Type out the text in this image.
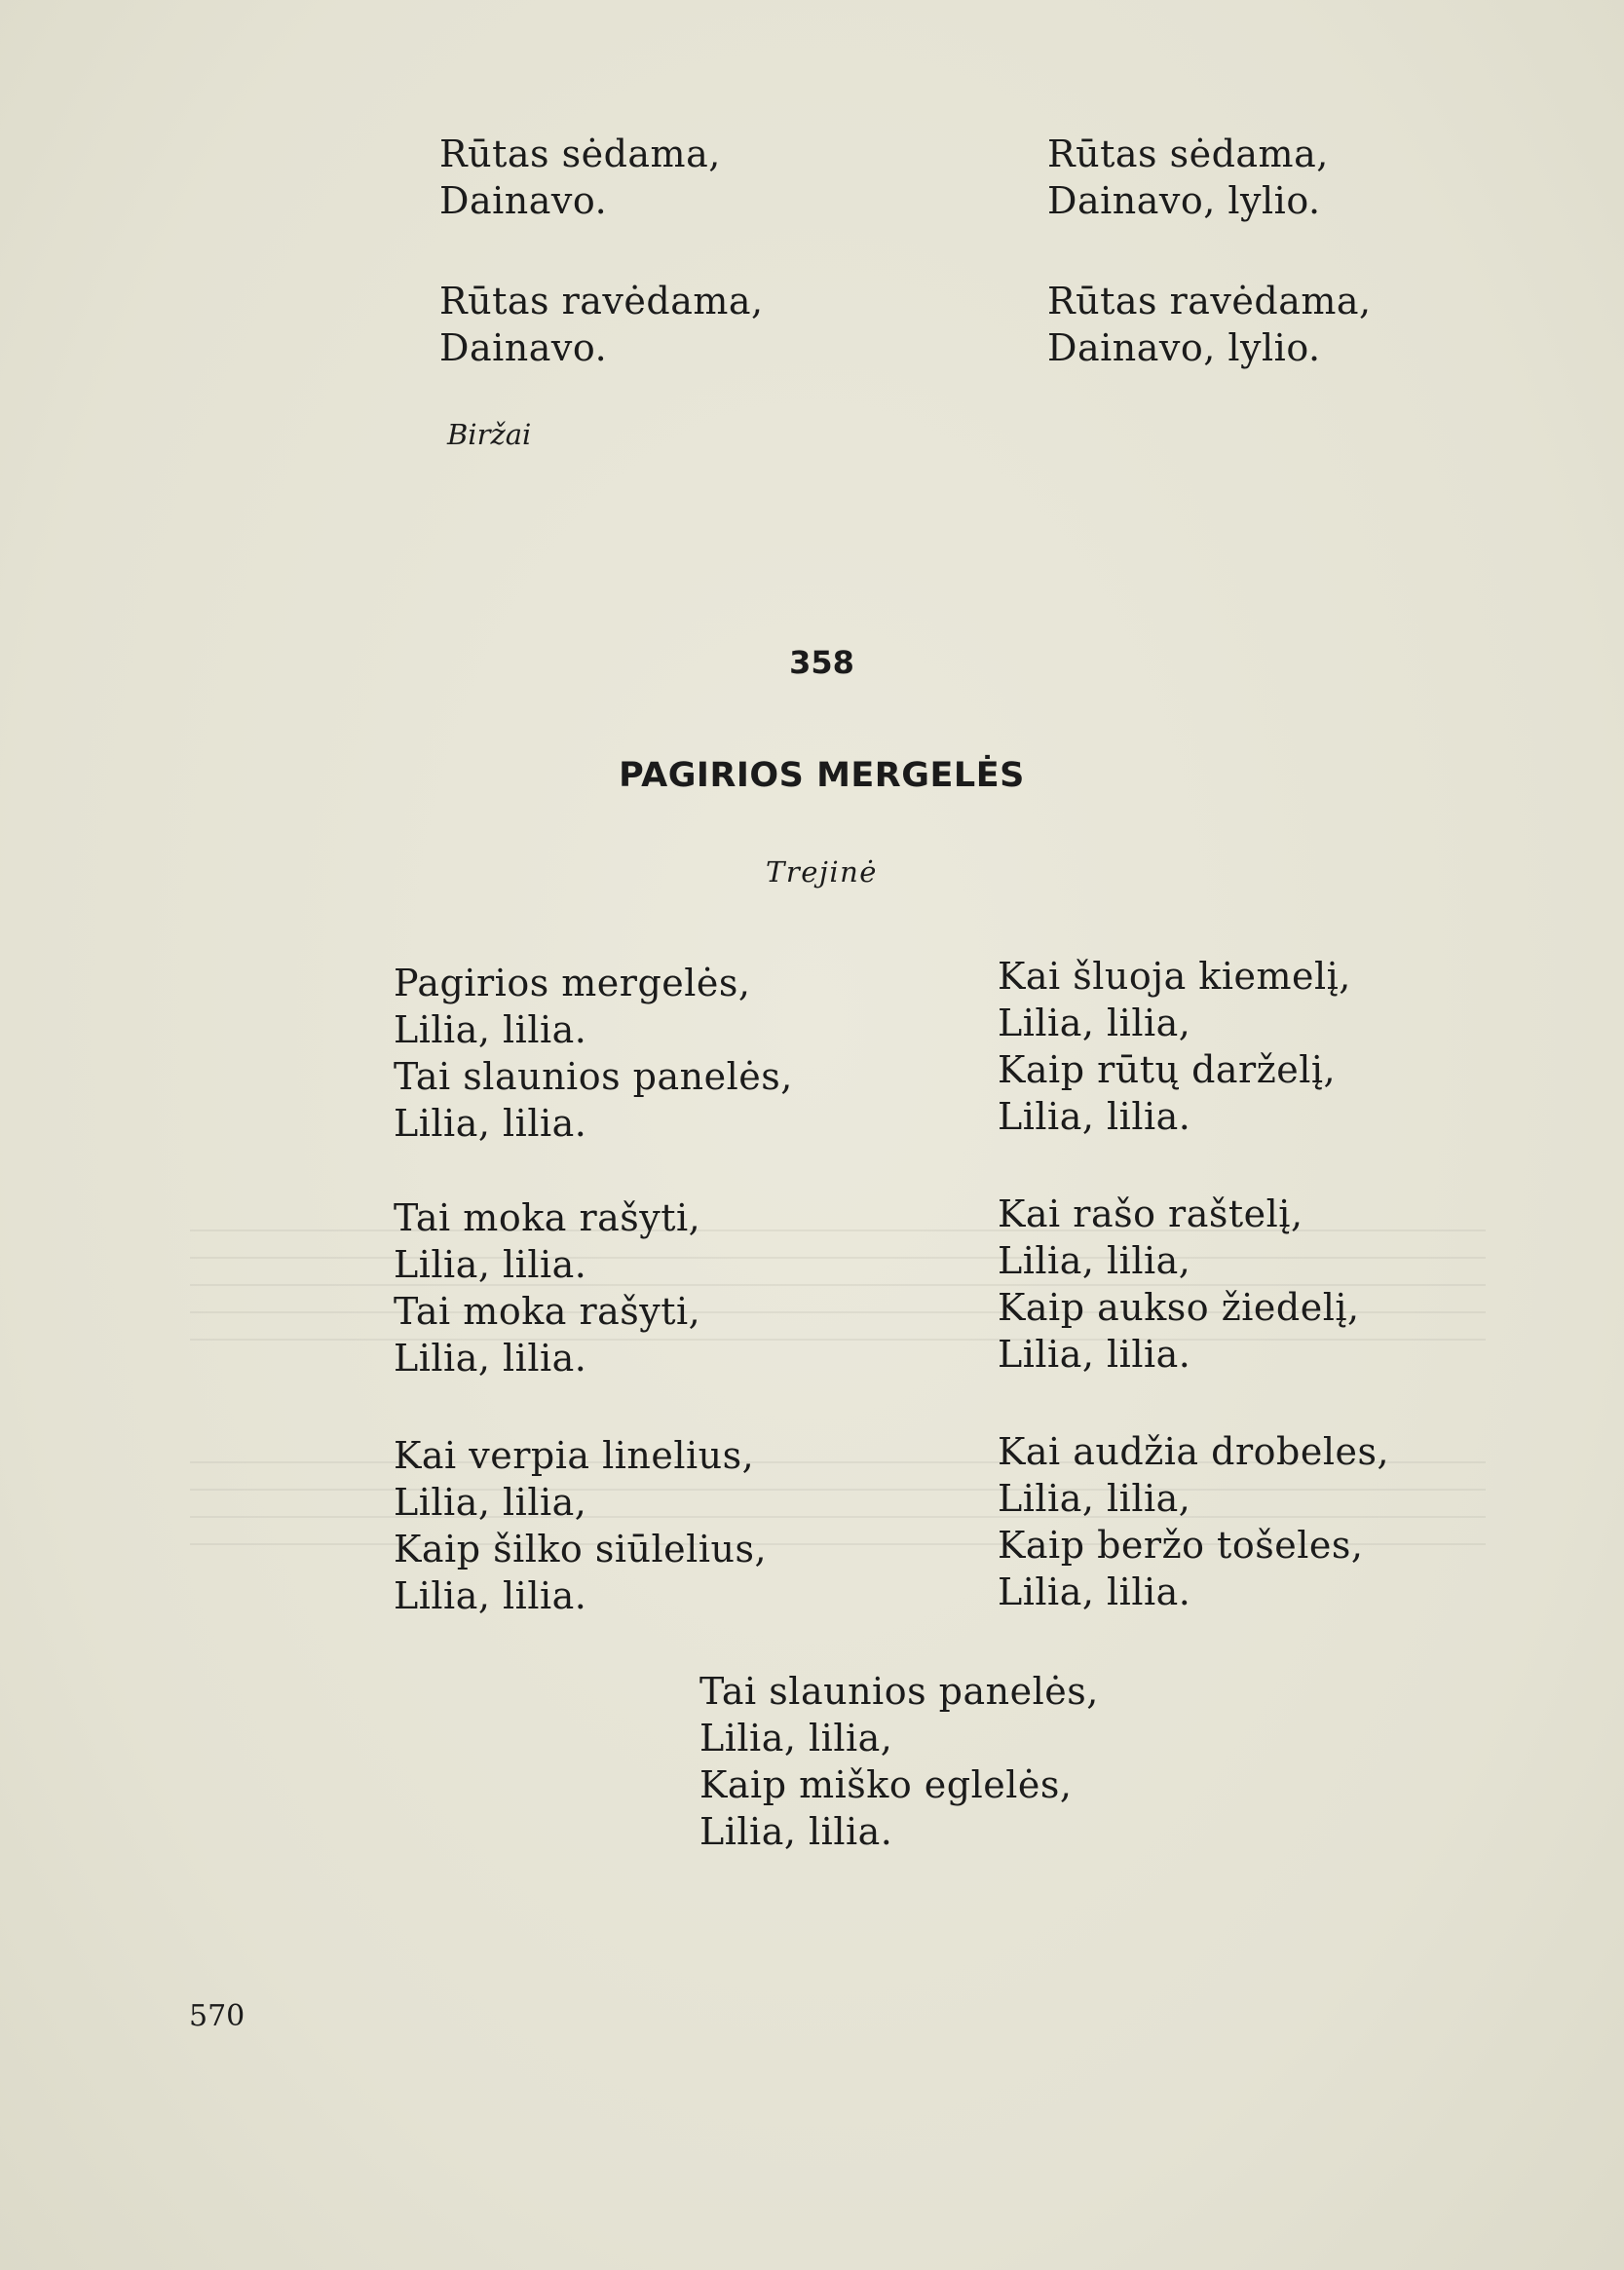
Rūtas sėdama,
Dainavo.
Rūtas ravėdama,
Dainavo.
Rūtas sėdama,
Dainavo, lylio.
Rūtas ravėdama,
Dainavo, lylio.
Biržai
358
PAGIRIOS MERGELĖS
Trejinė
Pagirios mergelės,
Lilia, lilia.
Tai slaunios panelės,
Lilia, lilia.
Tai moka rašyti,
Lilia, lilia.
Tai moka rašyti,
Lilia, lilia.
Kai verpia linelius,
Lilia, lilia,
Kaip šilko siūlelius,
Lilia, lilia.
Kai šluoja kiemelį,
Lilia, lilia,
Kaip rūtų darželį,
Lilia, lilia.
Kai rašo raštelį,
Lilia, lilia,
Kaip aukso žiedelį,
Lilia, lilia.
Kai audžia drobeles,
Lilia, lilia,
Kaip beržo tošeles,
Lilia, lilia.
Tai slaunios panelės,
Lilia, lilia,
Kaip miško eglelės,
Lilia, lilia.
570
